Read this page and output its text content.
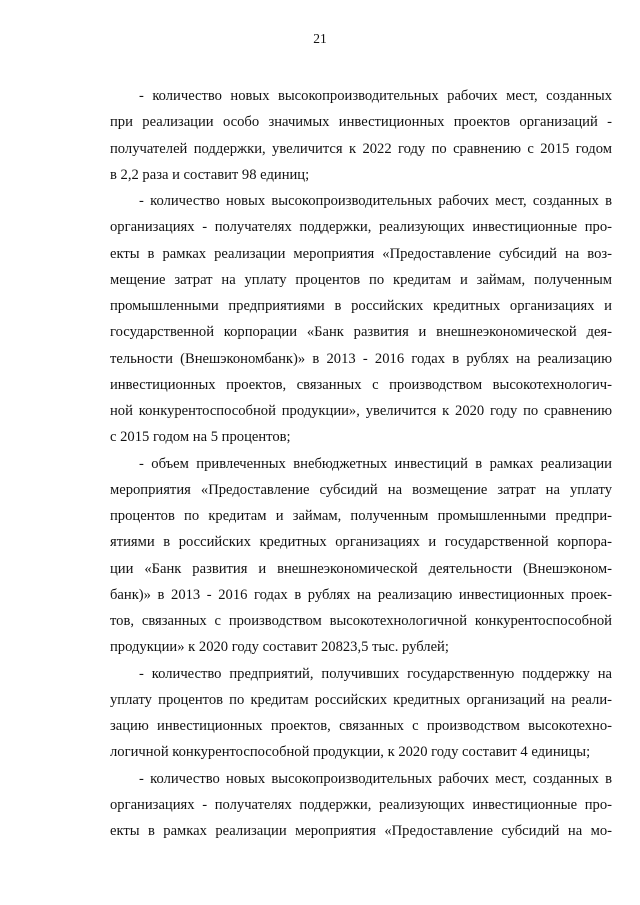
21
- количество новых высокопроизводительных рабочих мест, созданных
при реализации особо значимых инвестиционных проектов организаций -
получателей поддержки, увеличится к 2022 году по сравнению с 2015 годом
в 2,2 раза и составит 98 единиц;
- количество новых высокопроизводительных рабочих мест, созданных в
организациях - получателях поддержки, реализующих инвестиционные про-
екты в рамках реализации мероприятия «Предоставление субсидий на воз-
мещение затрат на уплату процентов по кредитам и займам, полученным
промышленными предприятиями в российских кредитных организациях и
государственной корпорации «Банк развития и внешнеэкономической дея-
тельности (Внешэкономбанк)» в 2013 - 2016 годах в рублях на реализацию
инвестиционных проектов, связанных с производством высокотехнологич-
ной конкурентоспособной продукции», увеличится к 2020 году по сравнению
с 2015 годом на 5 процентов;
- объем привлеченных внебюджетных инвестиций в рамках реализации
мероприятия «Предоставление субсидий на возмещение затрат на уплату
процентов по кредитам и займам, полученным промышленными предпри-
ятиями в российских кредитных организациях и государственной корпора-
ции «Банк развития и внешнеэкономической деятельности (Внешэконом-
банк)» в 2013 - 2016 годах в рублях на реализацию инвестиционных проек-
тов, связанных с производством высокотехнологичной конкурентоспособной
продукции» к 2020 году составит 20823,5 тыс. рублей;
- количество предприятий, получивших государственную поддержку на
уплату процентов по кредитам российских кредитных организаций на реали-
зацию инвестиционных проектов, связанных с производством высокотехно-
логичной конкурентоспособной продукции, к 2020 году составит 4 единицы;
- количество новых высокопроизводительных рабочих мест, созданных в
организациях - получателях поддержки, реализующих инвестиционные про-
екты в рамках реализации мероприятия «Предоставление субсидий на мо-
